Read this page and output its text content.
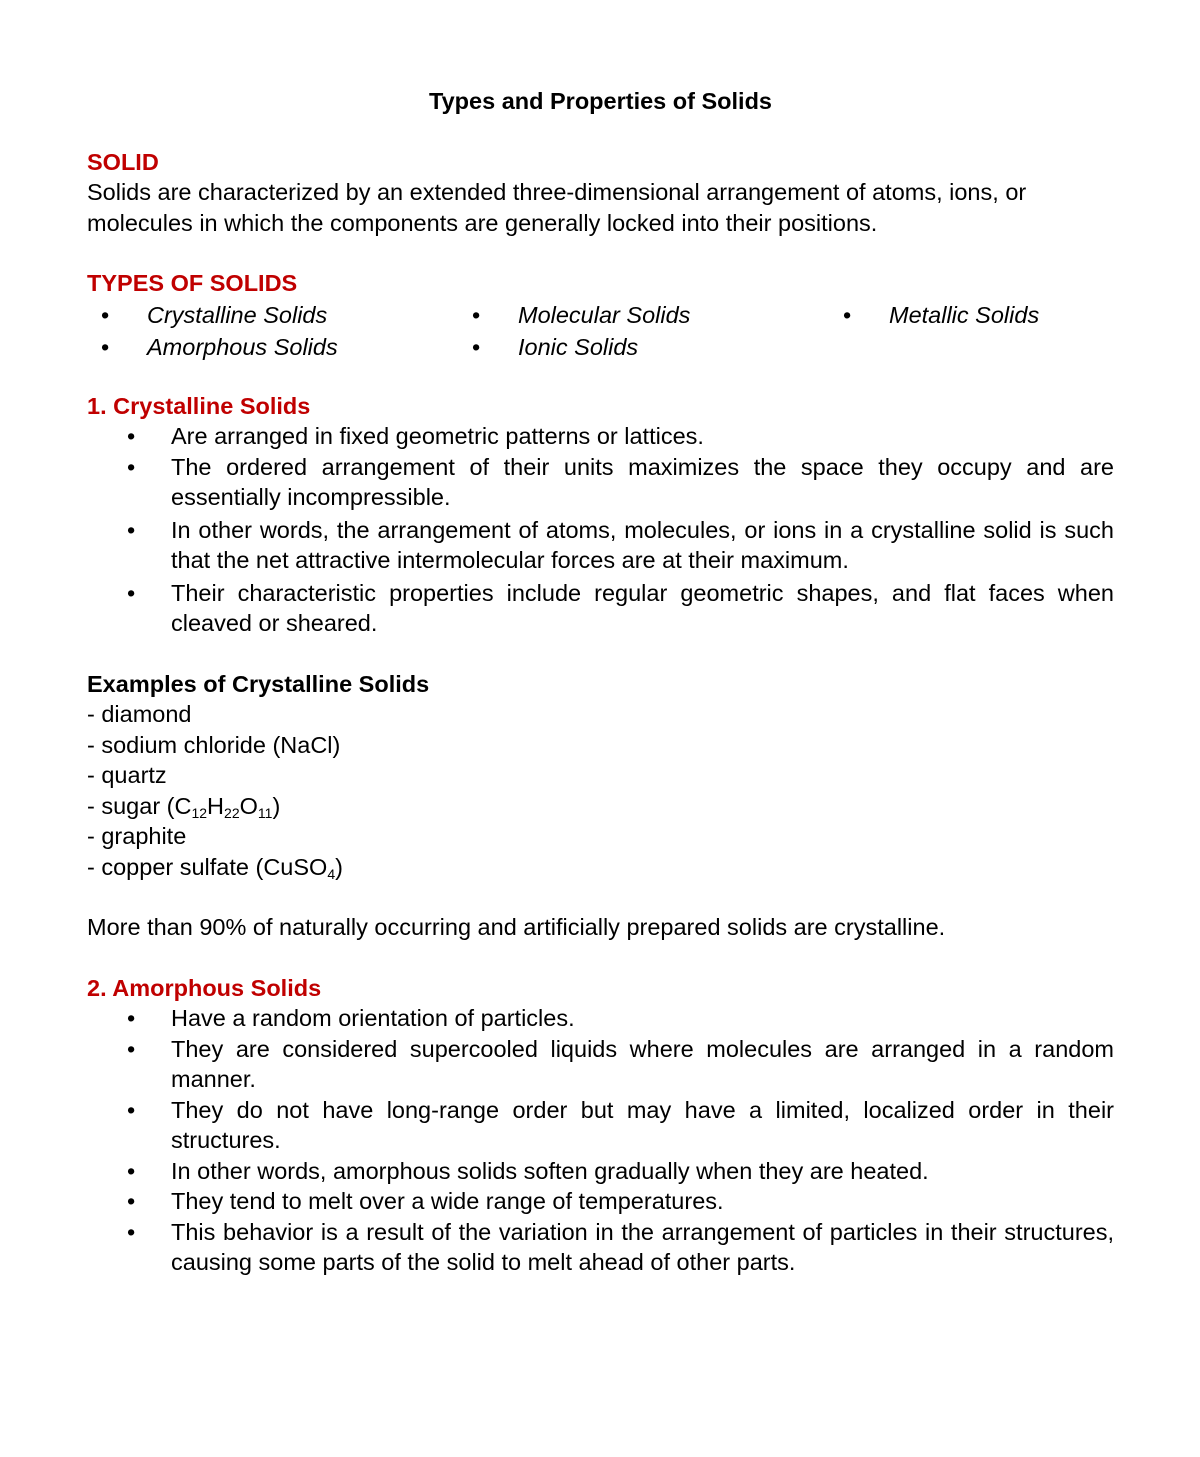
Types and Properties of Solids

SOLID

Solids are characterized by an extended three-dimensional arrangement of atoms, ions, or molecules in which the components are generally locked into their positions.

TYPES OF SOLIDS

• Crystalline Solids	• Molecular Solids	• Metallic Solids
• Amorphous Solids	• Ionic Solids

1. Crystalline Solids

• Are arranged in fixed geometric patterns or lattices.
• The ordered arrangement of their units maximizes the space they occupy and are essentially incompressible.
• In other words, the arrangement of atoms, molecules, or ions in a crystalline solid is such that the net attractive intermolecular forces are at their maximum.
• Their characteristic properties include regular geometric shapes, and flat faces when cleaved or sheared.

Examples of Crystalline Solids

- diamond

- sodium chloride (NaCl)

- quartz

- sugar $(C_{12}H_{22}O_{11})$

- graphite

- copper sulfate (CuSO$_4$)

More than 90% of naturally occurring and artificially prepared solids are crystalline.

2. Amorphous Solids

• Have a random orientation of particles.
• They are considered supercooled liquids where molecules are arranged in a random manner.
• They do not have long-range order but may have a limited, localized order in their structures.
• In other words, amorphous solids soften gradually when they are heated.
• They tend to melt over a wide range of temperatures.
• This behavior is a result of the variation in the arrangement of particles in their structures, causing some parts of the solid to melt ahead of other parts.
